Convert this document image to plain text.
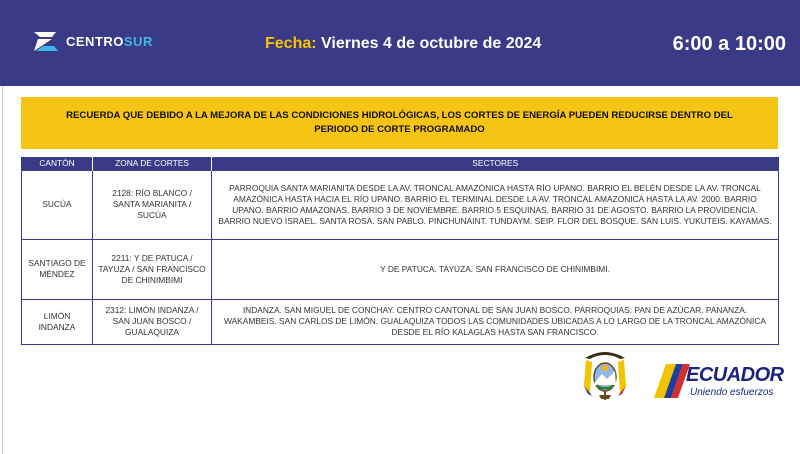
CENTROSUR	Fecha: Viernes 4 de octubre de 2024	6:00 a 10:00
RECUERDA QUE DEBIDO A LA MEJORA DE LAS CONDICIONES HIDROLÓGICAS, LOS CORTES DE ENERGÍA PUEDEN REDUCIRSE DENTRO DEL PERIODO DE CORTE PROGRAMADO
CANTÓN	ZONA DE CORTES	SECTORES
SUCÚA	2128: RÍO BLANCO / SANTA MARIANITA / SUCÚA	PARROQUIA SANTA MARIANITA DESDE LA AV. TRONCAL AMAZÓNICA HASTA RÍO UPANO. BARRIO EL BELÉN DESDE LA AV. TRONCAL AMAZÓNICA HASTA HACIA EL RÍO UPANO. BARRIO EL TERMINAL DESDE LA AV. TRONCAL AMAZONICA HASTA LA AV. 2000. BARRIO UPANO. BARRIO AMAZONAS. BARRIO 3 DE NOVIEMBRE. BARRIO 5 ESQUINAS. BARRIO 31 DE AGOSTO. BARRIO LA PROVIDENCIA. BARRIO NUEVO ISRAEL. SANTA ROSA. SAN PABLO. PINCHUNAINT. TUNDAYM. SEIP. FLOR DEL BOSQUE. SAN LUIS. YUKUTEIS. KAYAMAS.
SANTIAGO DE MÉNDEZ	2211: Y DE PATUCA / TAYUZA / SAN FRANCISCO DE CHINIMBIMI	Y DE PATUCA. TAYUZA. SAN FRANCISCO DE CHINIMBIMI.
LIMÓN INDANZA	2312: LIMÓN INDANZA / SAN JUAN BOSCO / GUALAQUIZA	INDANZA. SAN MIGUEL DE CONCHAY. CENTRO CANTONAL DE SAN JUAN BOSCO. PARROQUIAS: PAN DE AZÚCAR. PANANZA. WAKAMBEIS. SAN CARLOS DE LIMÓN. GUALAQUIZA TODOS LAS COMUNIDADES UBICADAS A LO LARGO DE LA TRONCAL AMAZÓNICA DESDE EL RÍO KALAGLAS HASTA SAN FRANCISCO.
ECUADOR
Uniendo esfuerzos
